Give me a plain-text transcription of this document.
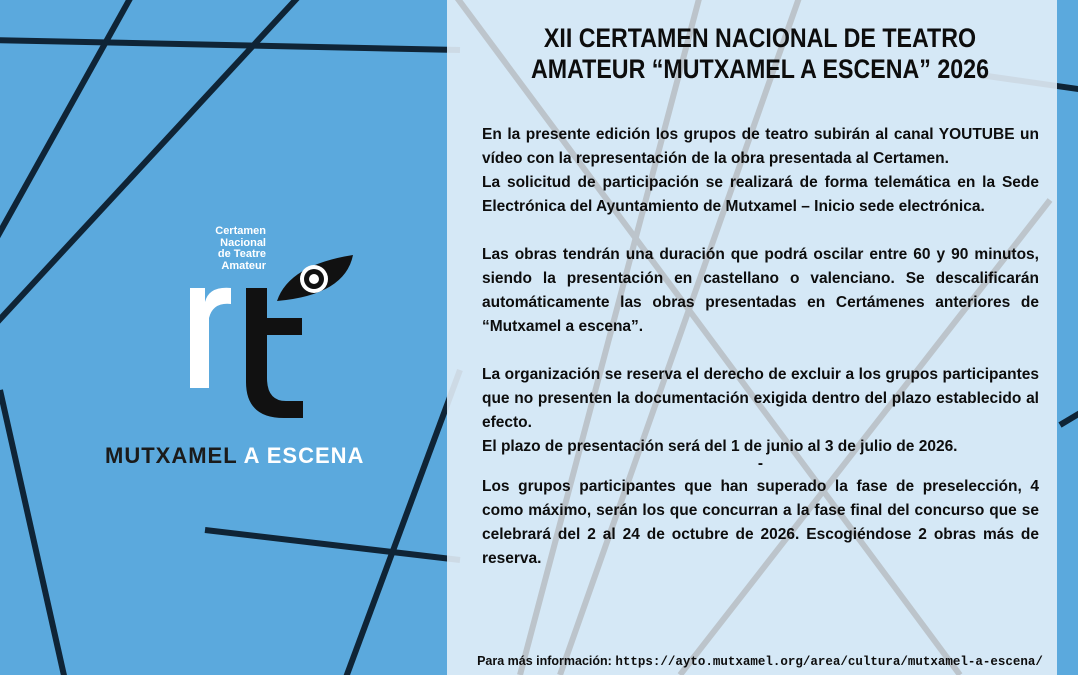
Certamen
Nacional
de Teatre
Amateur
MUTXAMEL A ESCENA
XII CERTAMEN NACIONAL DE TEATRO
AMATEUR “MUTXAMEL A ESCENA” 2026

En la presente edición los grupos de teatro subirán al canal YOUTUBE un vídeo con la representación de la obra presentada al Certamen.

La solicitud de participación se realizará de forma telemática en la Sede Electrónica del Ayuntamiento de Mutxamel – Inicio sede electrónica.

Las obras tendrán una duración que podrá oscilar entre 60 y 90 minutos, siendo la presentación en castellano o valenciano. Se descalificarán automáticamente las obras presentadas en Certámenes anteriores de “Mutxamel a escena”.

La organización se reserva el derecho de excluir a los grupos participantes que no presenten la documentación exigida dentro del plazo establecido al efecto.

El plazo de presentación será del 1 de junio al 3 de julio de 2026.

-

Los grupos participantes que han superado la fase de preselección, 4 como máximo, serán los que concurran a la fase final del concurso que se celebrará del 2 al 24 de octubre de 2026. Escogiéndose 2 obras más de reserva.

Para más información: https://ayto.mutxamel.org/area/cultura/mutxamel-a-escena/
